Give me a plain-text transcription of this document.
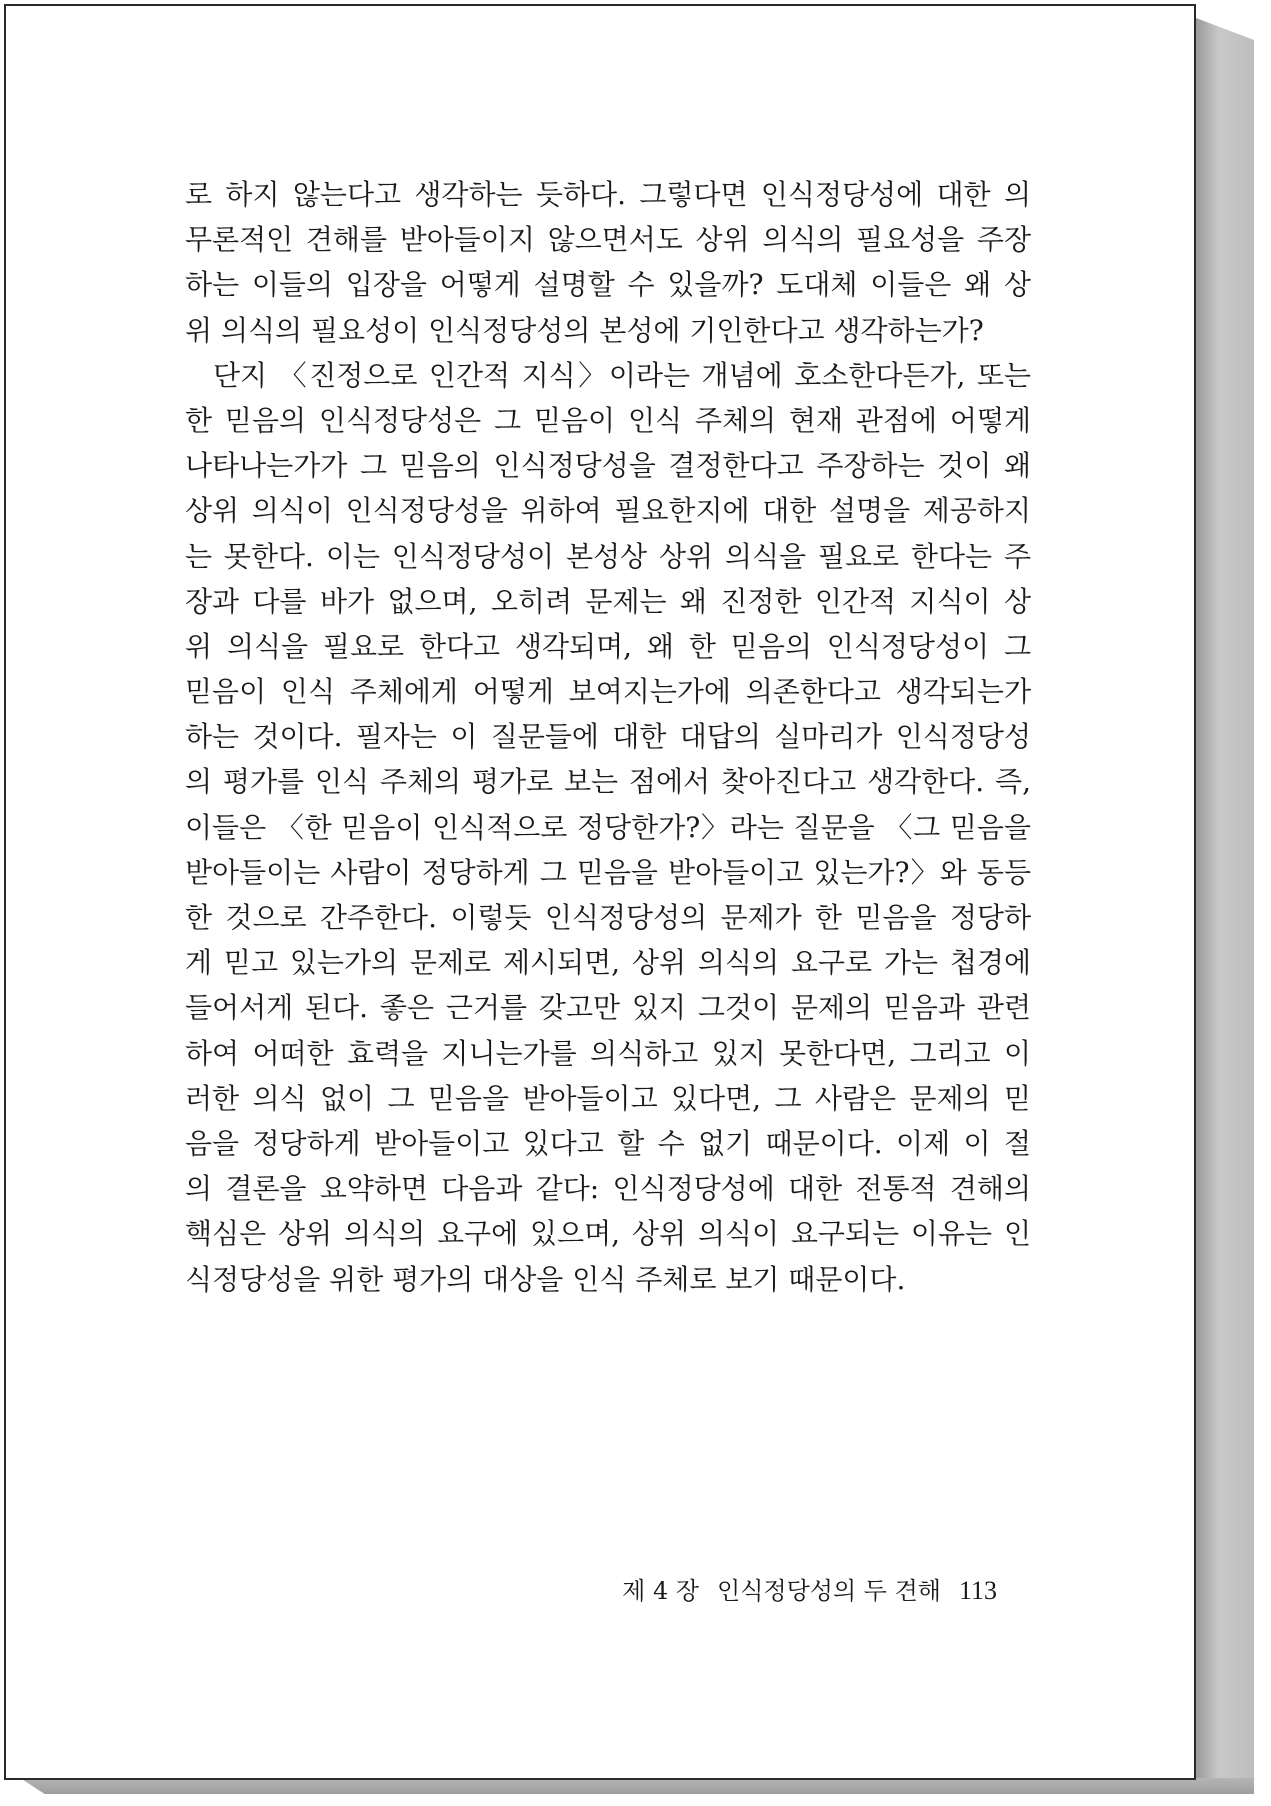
로 하지 않는다고 생각하는 듯하다. 그렇다면 인식정당성에 대한 의
무론적인 견해를 받아들이지 않으면서도 상위 의식의 필요성을 주장
하는 이들의 입장을 어떻게 설명할 수 있을까? 도대체 이들은 왜 상
위 의식의 필요성이 인식정당성의 본성에 기인한다고 생각하는가?
단지 〈진정으로 인간적 지식〉이라는 개념에 호소한다든가, 또는
한 믿음의 인식정당성은 그 믿음이 인식 주체의 현재 관점에 어떻게
나타나는가가 그 믿음의 인식정당성을 결정한다고 주장하는 것이 왜
상위 의식이 인식정당성을 위하여 필요한지에 대한 설명을 제공하지
는 못한다. 이는 인식정당성이 본성상 상위 의식을 필요로 한다는 주
장과 다를 바가 없으며, 오히려 문제는 왜 진정한 인간적 지식이 상
위 의식을 필요로 한다고 생각되며, 왜 한 믿음의 인식정당성이 그
믿음이 인식 주체에게 어떻게 보여지는가에 의존한다고 생각되는가
하는 것이다. 필자는 이 질문들에 대한 대답의 실마리가 인식정당성
의 평가를 인식 주체의 평가로 보는 점에서 찾아진다고 생각한다. 즉,
이들은 〈한 믿음이 인식적으로 정당한가?〉라는 질문을 〈그 믿음을
받아들이는 사람이 정당하게 그 믿음을 받아들이고 있는가?〉와 동등
한 것으로 간주한다. 이렇듯 인식정당성의 문제가 한 믿음을 정당하
게 믿고 있는가의 문제로 제시되면, 상위 의식의 요구로 가는 첩경에
들어서게 된다. 좋은 근거를 갖고만 있지 그것이 문제의 믿음과 관련
하여 어떠한 효력을 지니는가를 의식하고 있지 못한다면, 그리고 이
러한 의식 없이 그 믿음을 받아들이고 있다면, 그 사람은 문제의 믿
음을 정당하게 받아들이고 있다고 할 수 없기 때문이다. 이제 이 절
의 결론을 요약하면 다음과 같다: 인식정당성에 대한 전통적 견해의
핵심은 상위 의식의 요구에 있으며, 상위 의식이 요구되는 이유는 인
식정당성을 위한 평가의 대상을 인식 주체로 보기 때문이다.
제 4 장 인식정당성의 두 견해 113
